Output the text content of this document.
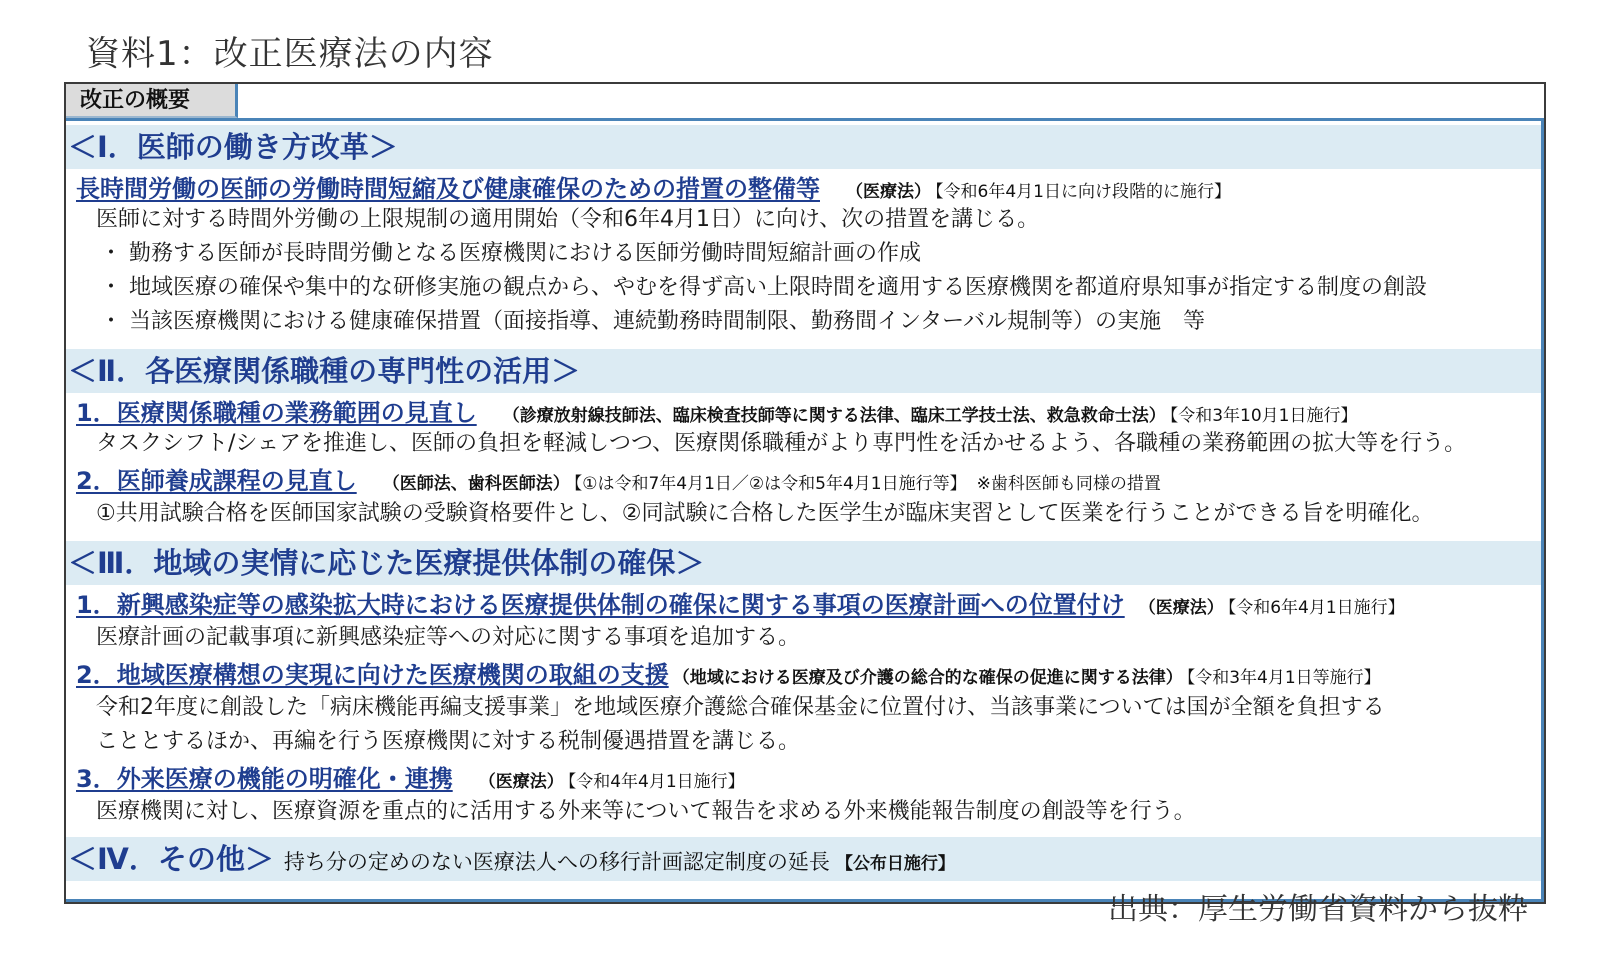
資料1：改正医療法の内容
改正の概要
＜Ⅰ．医師の働き方改革＞
長時間労働の医師の労働時間短縮及び健康確保のための措置の整備等 （医療法） 【令和6年4月1日に向け段階的に施行】
医師に対する時間外労働の上限規制の適用開始（令和6年4月1日）に向け、次の措置を講じる。
・ 勤務する医師が長時間労働となる医療機関における医師労働時間短縮計画の作成
・ 地域医療の確保や集中的な研修実施の観点から、やむを得ず高い上限時間を適用する医療機関を都道府県知事が指定する制度の創設
・ 当該医療機関における健康確保措置（面接指導、連続勤務時間制限、勤務間インターバル規制等）の実施　等
＜Ⅱ．各医療関係職種の専門性の活用＞
1．医療関係職種の業務範囲の見直し （診療放射線技師法、臨床検査技師等に関する法律、臨床工学技士法、救急救命士法） 【令和3年10月1日施行】
タスクシフト/シェアを推進し、医師の負担を軽減しつつ、医療関係職種がより専門性を活かせるよう、各職種の業務範囲の拡大等を行う。
2．医師養成課程の見直し （医師法、歯科医師法） 【①は令和7年4月1日／②は令和5年4月1日施行等】 ※歯科医師も同様の措置
①共用試験合格を医師国家試験の受験資格要件とし、②同試験に合格した医学生が臨床実習として医業を行うことができる旨を明確化。
＜Ⅲ．地域の実情に応じた医療提供体制の確保＞
1．新興感染症等の感染拡大時における医療提供体制の確保に関する事項の医療計画への位置付け （医療法） 【令和6年4月1日施行】
医療計画の記載事項に新興感染症等への対応に関する事項を追加する。
2．地域医療構想の実現に向けた医療機関の取組の支援 （地域における医療及び介護の総合的な確保の促進に関する法律） 【令和3年4月1日等施行】
令和2年度に創設した「病床機能再編支援事業」を地域医療介護総合確保基金に位置付け、当該事業については国が全額を負担する
こととするほか、再編を行う医療機関に対する税制優遇措置を講じる。
3．外来医療の機能の明確化・連携 （医療法） 【令和4年4月1日施行】
医療機関に対し、医療資源を重点的に活用する外来等について報告を求める外来機能報告制度の創設等を行う。
＜Ⅳ．その他＞ 持ち分の定めのない医療法人への移行計画認定制度の延長 【公布日施行】
出典：厚生労働省資料から抜粋
